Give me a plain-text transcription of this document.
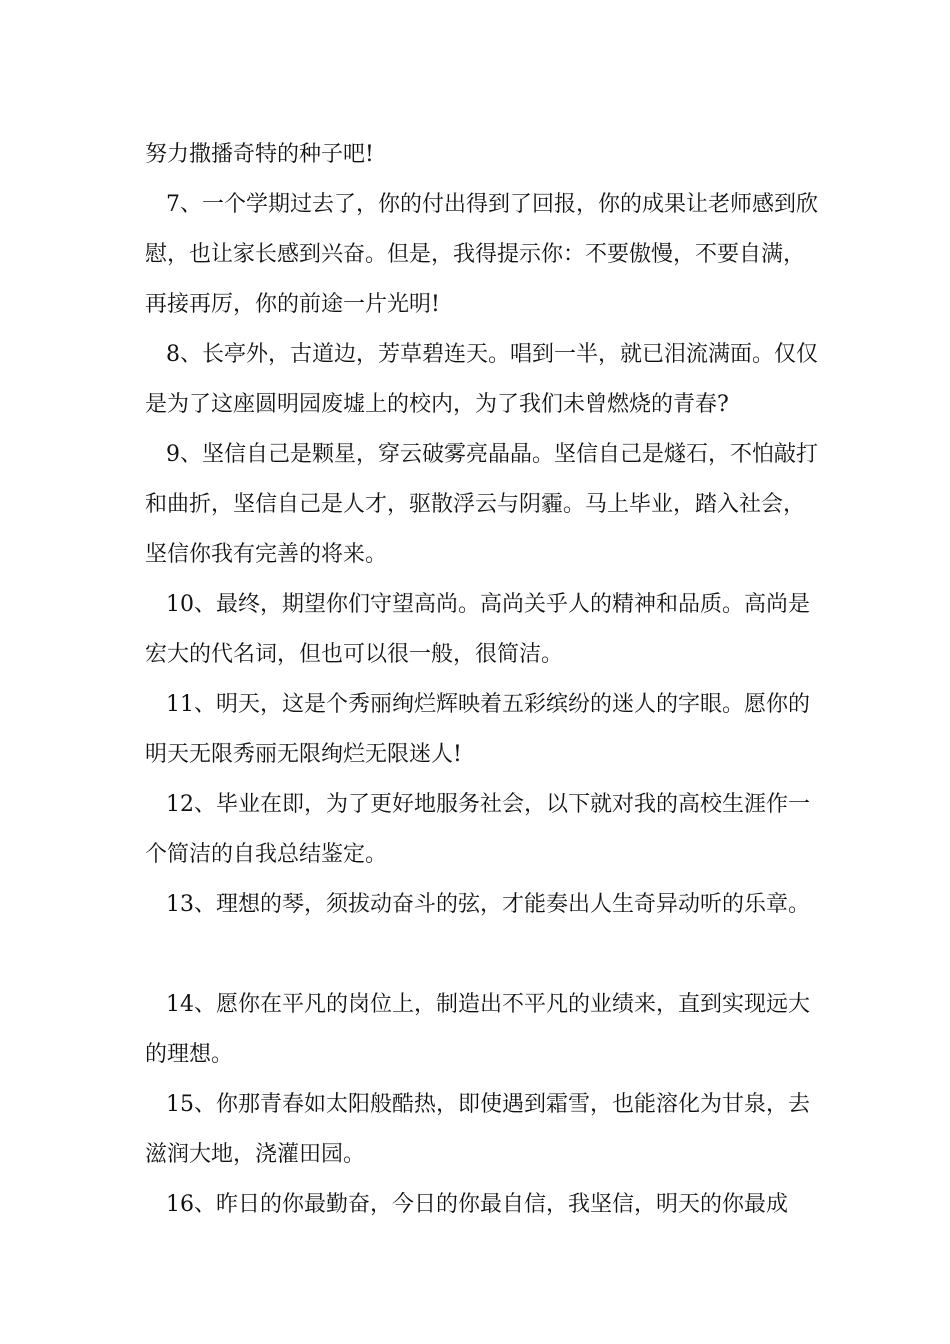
努力撒播奇特的种子吧!

7、一个学期过去了，你的付出得到了回报，你的成果让老师感到欣慰，也让家长感到兴奋。但是，我得提示你：不要傲慢，不要自满，再接再厉，你的前途一片光明!

8、长亭外，古道边，芳草碧连天。唱到一半，就已泪流满面。仅仅是为了这座圆明园废墟上的校内，为了我们未曾燃烧的青春?

9、坚信自己是颗星，穿云破雾亮晶晶。坚信自己是燧石，不怕敲打和曲折，坚信自己是人才，驱散浮云与阴霾。马上毕业，踏入社会，坚信你我有完善的将来。

10、最终，期望你们守望高尚。高尚关乎人的精神和品质。高尚是宏大的代名词，但也可以很一般，很简洁。

11、明天，这是个秀丽绚烂辉映着五彩缤纷的迷人的字眼。愿你的明天无限秀丽无限绚烂无限迷人!

12、毕业在即，为了更好地服务社会，以下就对我的高校生涯作一个简洁的自我总结鉴定。

13、理想的琴，须拔动奋斗的弦，才能奏出人生奇异动听的乐章。

14、愿你在平凡的岗位上，制造出不平凡的业绩来，直到实现远大的理想。

15、你那青春如太阳般酷热，即使遇到霜雪，也能溶化为甘泉，去滋润大地，浇灌田园。

16、昨日的你最勤奋，今日的你最自信，我坚信，明天的你最成
